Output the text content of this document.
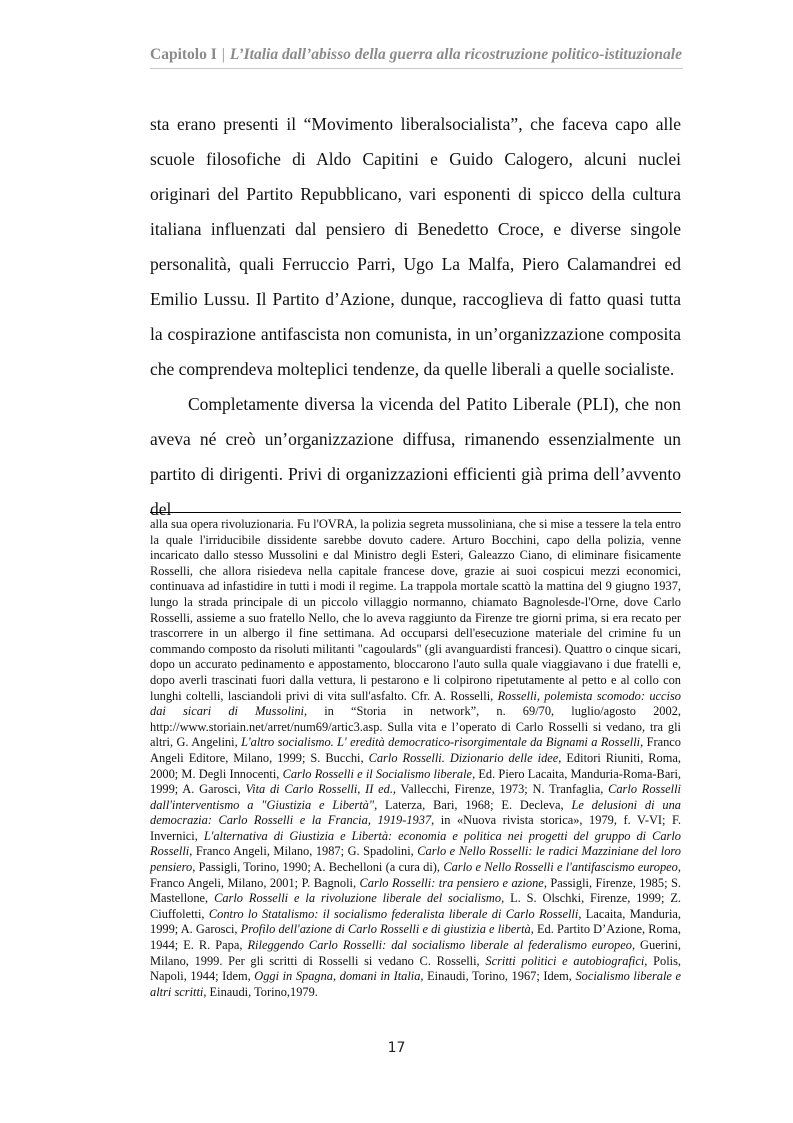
Capitolo I | L’Italia dall’abisso della guerra alla ricostruzione politico-istituzionale

sta erano presenti il “Movimento liberalsocialista”, che faceva capo alle scuole filosofiche di Aldo Capitini e Guido Calogero, alcuni nuclei originari del Partito Repubblicano, vari esponenti di spicco della cultura italiana influenzati dal pensiero di Benedetto Croce, e diverse singole personalità, quali Ferruccio Parri, Ugo La Malfa, Piero Calamandrei ed Emilio Lussu. Il Partito d’Azione, dunque, raccoglieva di fatto quasi tutta la cospirazione antifascista non comunista, in un’organizzazione composita che comprendeva molteplici tendenze, da quelle liberali a quelle socialiste.

Completamente diversa la vicenda del Patito Liberale (PLI), che non aveva né creò un’organizzazione diffusa, rimanendo essenzialmente un partito di dirigenti. Privi di organizzazioni efficienti già prima dell’avvento del

alla sua opera rivoluzionaria. Fu l'OVRA, la polizia segreta mussoliniana, che si mise a tessere la tela entro la quale l'irriducibile dissidente sarebbe dovuto cadere. Arturo Bocchini, capo della polizia, venne incaricato dallo stesso Mussolini e dal Ministro degli Esteri, Galeazzo Ciano, di eliminare fisicamente Rosselli, che allora risiedeva nella capitale francese dove, grazie ai suoi cospicui mezzi economici, continuava ad infastidire in tutti i modi il regime. La trappola mortale scattò la mattina del 9 giugno 1937, lungo la strada principale di un piccolo villaggio normanno, chiamato Bagnolesde-l'Orne, dove Carlo Rosselli, assieme a suo fratello Nello, che lo aveva raggiunto da Firenze tre giorni prima, si era recato per trascorrere in un albergo il fine settimana. Ad occuparsi dell'esecuzione materiale del crimine fu un commando composto da risoluti militanti "cagoulards" (gli avanguardisti francesi). Quattro o cinque sicari, dopo un accurato pedinamento e appostamento, bloccarono l'auto sulla quale viaggiavano i due fratelli e, dopo averli trascinati fuori dalla vettura, li pestarono e li colpirono ripetutamente al petto e al collo con lunghi coltelli, lasciandoli privi di vita sull'asfalto. Cfr. A. Rosselli, Rosselli, polemista scomodo: ucciso dai sicari di Mussolini, in “Storia in network”, n. 69/70, luglio/agosto 2002, http://www.storiain.net/arret/num69/artic3.asp. Sulla vita e l’operato di Carlo Rosselli si vedano, tra gli altri, G. Angelini, L'altro socialismo. L' eredità democratico-risorgimentale da Bignami a Rosselli, Franco Angeli Editore, Milano, 1999; S. Bucchi, Carlo Rosselli. Dizionario delle idee, Editori Riuniti, Roma, 2000; M. Degli Innocenti, Carlo Rosselli e il Socialismo liberale, Ed. Piero Lacaita, Manduria-Roma-Bari, 1999; A. Garosci, Vita di Carlo Rosselli, II ed., Vallecchi, Firenze, 1973; N. Tranfaglia, Carlo Rosselli dall'interventismo a "Giustizia e Libertà", Laterza, Bari, 1968; E. Decleva, Le delusioni di una democrazia: Carlo Rosselli e la Francia, 1919-1937, in «Nuova rivista storica», 1979, f. V-VI; F. Invernici, L'alternativa di Giustizia e Libertà: economia e politica nei progetti del gruppo di Carlo Rosselli, Franco Angeli, Milano, 1987; G. Spadolini, Carlo e Nello Rosselli: le radici Mazziniane del loro pensiero, Passigli, Torino, 1990; A. Bechelloni (a cura di), Carlo e Nello Rosselli e l'antifascismo europeo, Franco Angeli, Milano, 2001; P. Bagnoli, Carlo Rosselli: tra pensiero e azione, Passigli, Firenze, 1985; S. Mastellone, Carlo Rosselli e la rivoluzione liberale del socialismo, L. S. Olschki, Firenze, 1999; Z. Ciuffoletti, Contro lo Statalismo: il socialismo federalista liberale di Carlo Rosselli, Lacaita, Manduria, 1999; A. Garosci, Profilo dell'azione di Carlo Rosselli e di giustizia e libertà, Ed. Partito D’Azione, Roma, 1944; E. R. Papa, Rileggendo Carlo Rosselli: dal socialismo liberale al federalismo europeo, Guerini, Milano, 1999. Per gli scritti di Rosselli si vedano C. Rosselli, Scritti politici e autobiografici, Polis, Napoli, 1944; Idem, Oggi in Spagna, domani in Italia, Einaudi, Torino, 1967; Idem, Socialismo liberale e altri scritti, Einaudi, Torino,1979.
17
